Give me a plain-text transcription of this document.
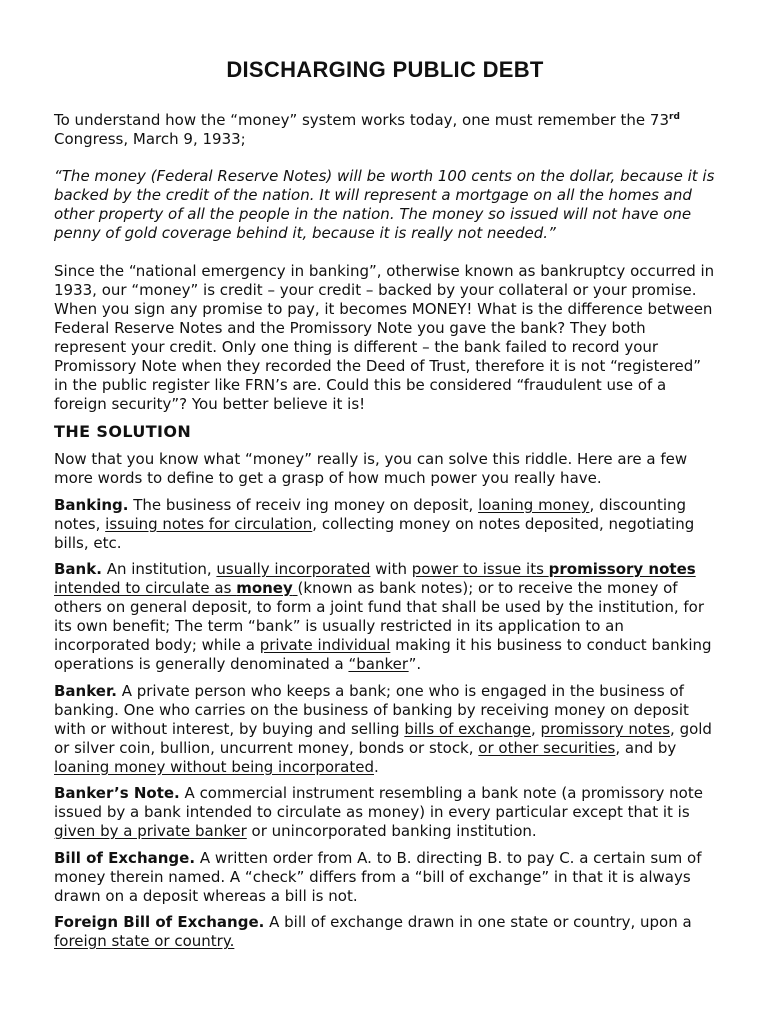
DISCHARGING PUBLIC DEBT

To understand how the “money” system works today, one must remember the 73rd Congress, March 9, 1933;

“The money (Federal Reserve Notes) will be worth 100 cents on the dollar, because it is backed by the credit of the nation. It will represent a mortgage on all the homes and other property of all the people in the nation. The money so issued will not have one penny of gold coverage behind it, because it is really not needed.”

Since the “national emergency in banking”, otherwise known as bankruptcy occurred in 1933, our “money” is credit – your credit – backed by your collateral or your promise. When you sign any promise to pay, it becomes MONEY! What is the difference between Federal Reserve Notes and the Promissory Note you gave the bank? They both represent your credit. Only one thing is different – the bank failed to record your Promissory Note when they recorded the Deed of Trust, therefore it is not “registered” in the public register like FRN’s are. Could this be considered “fraudulent use of a foreign security”? You better believe it is!

THE SOLUTION

Now that you know what “money” really is, you can solve this riddle. Here are a few more words to define to get a grasp of how much power you really have.

Banking. The business of receiv ing money on deposit, loaning money, discounting notes, issuing notes for circulation, collecting money on notes deposited, negotiating bills, etc.

Bank. An institution, usually incorporated with power to issue its promissory notes intended to circulate as money (known as bank notes); or to receive the money of others on general deposit, to form a joint fund that shall be used by the institution, for its own benefit; The term “bank” is usually restricted in its application to an incorporated body; while a private individual making it his business to conduct banking operations is generally denominated a “banker”.

Banker. A private person who keeps a bank; one who is engaged in the business of banking. One who carries on the business of banking by receiving money on deposit with or without interest, by buying and selling bills of exchange, promissory notes, gold or silver coin, bullion, uncurrent money, bonds or stock, or other securities, and by loaning money without being incorporated.

Banker’s Note. A commercial instrument resembling a bank note (a promissory note issued by a bank intended to circulate as money) in every particular except that it is given by a private banker or unincorporated banking institution.

Bill of Exchange. A written order from A. to B. directing B. to pay C. a certain sum of money therein named. A “check” differs from a “bill of exchange” in that it is always drawn on a deposit whereas a bill is not.

Foreign Bill of Exchange. A bill of exchange drawn in one state or country, upon a foreign state or country.
